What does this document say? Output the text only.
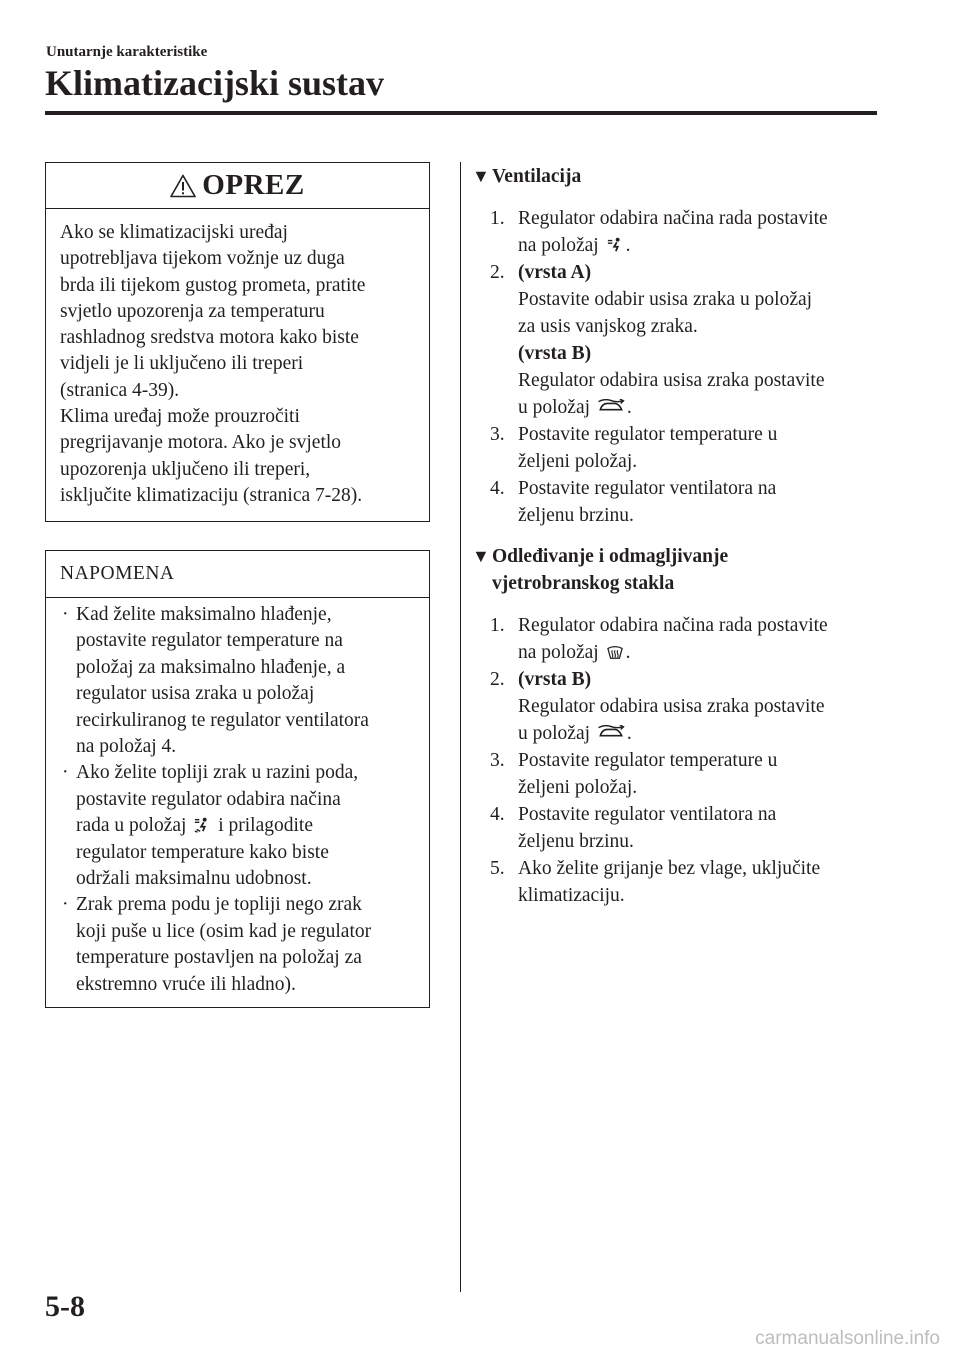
Unutarnje karakteristike
Klimatizacijski sustav
OPREZ
Ako se klimatizacijski uređaj
upotrebljava tijekom vožnje uz duga
brda ili tijekom gustog prometa, pratite
svjetlo upozorenja za temperaturu
rashladnog sredstva motora kako biste
vidjeli je li uključeno ili treperi
(stranica 4-39).
Klima uređaj može prouzročiti
pregrijavanje motora. Ako je svjetlo
upozorenja uključeno ili treperi,
isključite klimatizaciju (stranica 7-28).
NAPOMENA
· Kad želite maksimalno hlađenje,
postavite regulator temperature na
položaj za maksimalno hlađenje, a
regulator usisa zraka u položaj
recirkuliranog te regulator ventilatora
na položaj 4.
· Ako želite topliji zrak u razini poda,
postavite regulator odabira načina
rada u položaj i prilagodite
regulator temperature kako biste
održali maksimalnu udobnost.
· Zrak prema podu je topliji nego zrak
koji puše u lice (osim kad je regulator
temperature postavljen na položaj za
ekstremno vruće ili hladno).
▼ Ventilacija
1. Regulator odabira načina rada postavite
na položaj .
2. (vrsta A)
Postavite odabir usisa zraka u položaj
za usis vanjskog zraka.
(vrsta B)
Regulator odabira usisa zraka postavite
u položaj .
3. Postavite regulator temperature u
željeni položaj.
4. Postavite regulator ventilatora na
željenu brzinu.
▼ Odleđivanje i odmagljivanje
vjetrobranskog stakla
1. Regulator odabira načina rada postavite
na položaj .
2. (vrsta B)
Regulator odabira usisa zraka postavite
u položaj .
3. Postavite regulator temperature u
željeni položaj.
4. Postavite regulator ventilatora na
željenu brzinu.
5. Ako želite grijanje bez vlage, uključite
klimatizaciju.
5-8
carmanualsonline.info
